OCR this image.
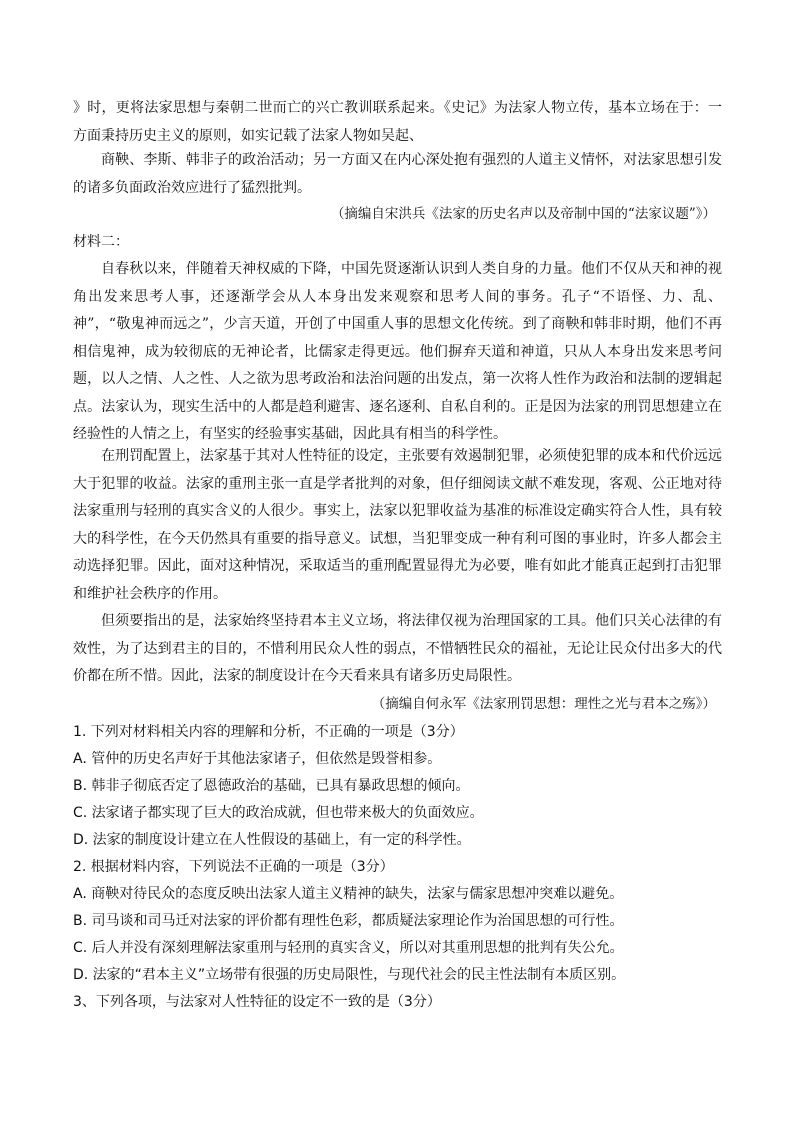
》时，更将法家思想与秦朝二世而亡的兴亡教训联系起来。《史记》为法家人物立传，基本立场在于：一方面秉持历史主义的原则，如实记载了法家人物如吴起、

商鞅、李斯、韩非子的政治活动；另一方面又在内心深处抱有强烈的人道主义情怀，对法家思想引发的诸多负面政治效应进行了猛烈批判。

（摘编自宋洪兵《法家的历史名声以及帝制中国的“法家议题”》）

材料二：

自春秋以来，伴随着天神权威的下降，中国先贤逐渐认识到人类自身的力量。他们不仅从天和神的视角出发来思考人事，还逐渐学会从人本身出发来观察和思考人间的事务。孔子“不语怪、力、乱、神”，“敬鬼神而远之”，少言天道，开创了中国重人事的思想文化传统。到了商鞅和韩非时期，他们不再相信鬼神，成为较彻底的无神论者，比儒家走得更远。他们摒弃天道和神道，只从人本身出发来思考问题，以人之情、人之性、人之欲为思考政治和法治问题的出发点，第一次将人性作为政治和法制的逻辑起点。法家认为，现实生活中的人都是趋利避害、逐名逐利、自私自利的。正是因为法家的刑罚思想建立在经验性的人情之上，有坚实的经验事实基础，因此具有相当的科学性。

在刑罚配置上，法家基于其对人性特征的设定，主张要有效遏制犯罪，必须使犯罪的成本和代价远远大于犯罪的收益。法家的重刑主张一直是学者批判的对象，但仔细阅读文献不难发现，客观、公正地对待法家重刑与轻刑的真实含义的人很少。事实上，法家以犯罪收益为基准的标准设定确实符合人性，具有较大的科学性，在今天仍然具有重要的指导意义。试想，当犯罪变成一种有利可图的事业时，许多人都会主动选择犯罪。因此，面对这种情况，采取适当的重刑配置显得尤为必要，唯有如此才能真正起到打击犯罪和维护社会秩序的作用。

但须要指出的是，法家始终坚持君本主义立场，将法律仅视为治理国家的工具。他们只关心法律的有效性，为了达到君主的目的，不惜利用民众人性的弱点，不惜牺牲民众的福祉，无论让民众付出多大的代价都在所不惜。因此，法家的制度设计在今天看来具有诸多历史局限性。

（摘编自何永军《法家刑罚思想：理性之光与君本之殇》）

1. 下列对材料相关内容的理解和分析，不正确的一项是（3分）

A. 管仲的历史名声好于其他法家诸子，但依然是毁誉相参。

B. 韩非子彻底否定了恩德政治的基础，已具有暴政思想的倾向。

C. 法家诸子都实现了巨大的政治成就，但也带来极大的负面效应。

D. 法家的制度设计建立在人性假设的基础上，有一定的科学性。

2. 根据材料内容，下列说法不正确的一项是（3分）

A. 商鞅对待民众的态度反映出法家人道主义精神的缺失，法家与儒家思想冲突难以避免。

B. 司马谈和司马迁对法家的评价都有理性色彩，都质疑法家理论作为治国思想的可行性。

C. 后人并没有深刻理解法家重刑与轻刑的真实含义，所以对其重刑思想的批判有失公允。

D. 法家的“君本主义”立场带有很强的历史局限性，与现代社会的民主性法制有本质区别。

3、下列各项，与法家对人性特征的设定不一致的是（3分）
